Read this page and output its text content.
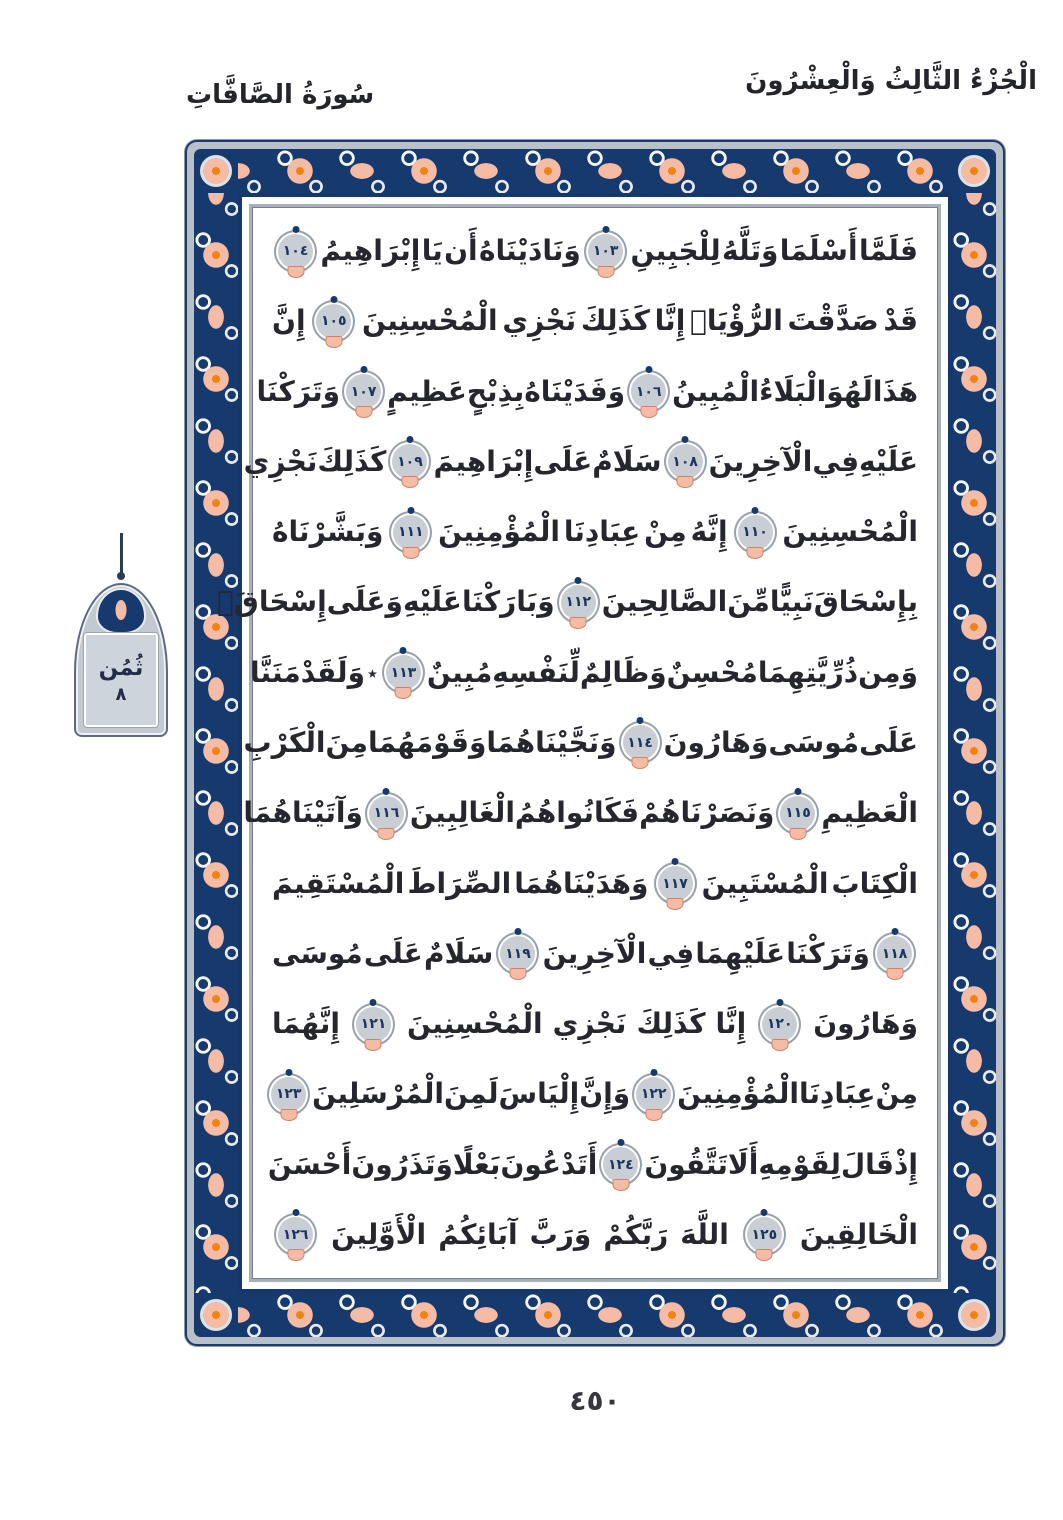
الْجُزْءُ الثَّالِثُ وَالْعِشْرُونَ
سُورَةُ الصَّافَّاتِ
فَلَمَّا
أَسْلَمَا
وَتَلَّهُ
لِلْجَبِينِ
١٠٣
وَنَادَيْنَاهُ
أَن
يَا
إِبْرَاهِيمُ
١٠٤
قَدْ
صَدَّقْتَ
الرُّؤْيَاۚ
إِنَّا
كَذَلِكَ
نَجْزِي
الْمُحْسِنِينَ
١٠٥
إِنَّ
هَذَا
لَهُوَ
الْبَلَاءُ
الْمُبِينُ
١٠٦
وَفَدَيْنَاهُ
بِذِبْحٍ
عَظِيمٍ
١٠٧
وَتَرَكْنَا
عَلَيْهِ
فِي
الْآخِرِينَ
١٠٨
سَلَامٌ
عَلَى
إِبْرَاهِيمَ
١٠٩
كَذَلِكَ
نَجْزِي
الْمُحْسِنِينَ
١١٠
إِنَّهُ
مِنْ
عِبَادِنَا
الْمُؤْمِنِينَ
١١١
وَبَشَّرْنَاهُ
بِإِسْحَاقَ
نَبِيًّا
مِّنَ
الصَّالِحِينَ
١١٢
وَبَارَكْنَا
عَلَيْهِ
وَعَلَى
إِسْحَاقَۚ
وَمِن
ذُرِّيَّتِهِمَا
مُحْسِنٌ
وَظَالِمٌ
لِّنَفْسِهِ
مُبِينٌ
١١٣
٭
وَلَقَدْ
مَنَنَّا
عَلَى
مُوسَى
وَهَارُونَ
١١٤
وَنَجَّيْنَاهُمَا
وَقَوْمَهُمَا
مِنَ
الْكَرْبِ
الْعَظِيمِ
١١٥
وَنَصَرْنَاهُمْ
فَكَانُوا
هُمُ
الْغَالِبِينَ
١١٦
وَآتَيْنَاهُمَا
الْكِتَابَ
الْمُسْتَبِينَ
١١٧
وَهَدَيْنَاهُمَا
الصِّرَاطَ
الْمُسْتَقِيمَ
١١٨
وَتَرَكْنَا
عَلَيْهِمَا
فِي
الْآخِرِينَ
١١٩
سَلَامٌ
عَلَى
مُوسَى
وَهَارُونَ
١٢٠
إِنَّا
كَذَلِكَ
نَجْزِي
الْمُحْسِنِينَ
١٢١
إِنَّهُمَا
مِنْ
عِبَادِنَا
الْمُؤْمِنِينَ
١٢٢
وَإِنَّ
إِلْيَاسَ
لَمِنَ
الْمُرْسَلِينَ
١٢٣
إِذْ
قَالَ
لِقَوْمِهِ
أَلَا
تَتَّقُونَ
١٢٤
أَتَدْعُونَ
بَعْلًا
وَتَذَرُونَ
أَحْسَنَ
الْخَالِقِينَ
١٢٥
اللَّهَ
رَبَّكُمْ
وَرَبَّ
آبَائِكُمُ
الْأَوَّلِينَ
١٢٦
ثُمُن
٨
٤٥٠
